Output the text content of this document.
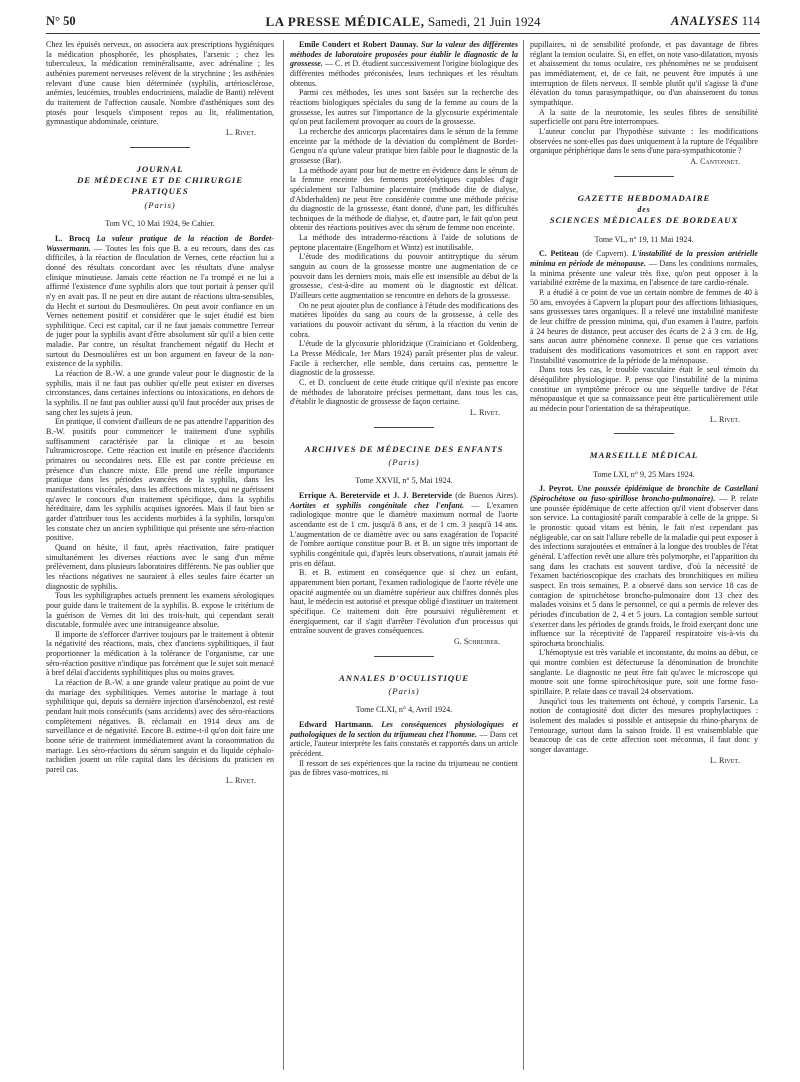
N° 50	LA PRESSE MÉDICALE, Samedi, 21 Juin 1924	ANALYSES 114

Chez les épuisés nerveux, on associera aux prescriptions hygiéniques la médication phosphorée, les phosphates, l'arsenic ; chez les tuberculeux, la médication reminéralisante, avec adrénaline ; les asthénies purement nerveuses relèvent de la strychnine ; les asthénies relevant d'une cause bien déterminée (syphilis, artériosclérose, anémies, leucémies, troubles endocriniens, maladie de Banti) relèvent du traitement de l'affection causale. Nombre d'asthéniques sont des ptosés pour lesquels s'imposent repos au lit, réalimentation, gymnastique abdominale, ceinture.

L. Rivet.
JOURNAL
DE MÉDECINE ET DE CHIRURGIE
PRATIQUES
(Paris)
Tom VC, 10 Mai 1924, 9e Cahier.

L. Brocq La valeur pratique de la réaction de Bordet-Wassermann. — Toutes les fois que B. a eu recours, dans des cas difficiles, à la réaction de floculation de Vernes, cette réaction lui a donné des résultats concordant avec les résultats d'une analyse clinique minutieuse. Jamais cette réaction ne l'a trompé et ne lui a affirmé l'existence d'une syphilis alors que tout portait à penser qu'il n'y en avait pas. Il ne peut en dire autant de réactions ultra-sensibles, du Hecht et surtout du Desmoulières. On peut avoir confiance en un Vernes nettement positif et considérer que le sujet étudié est bien syphilitique. Ceci est capital, car il ne faut jamais commettre l'erreur de juger pour la syphilis avant d'être absolument sûr qu'il a bien cette maladie. Par contre, un résultat franchement négatif du Hecht et surtout du Desmoulières est un bon argument en faveur de la non-existence de la syphilis.

La réaction de B.-W. a une grande valeur pour le diagnostic de la syphilis, mais il ne faut pas oublier qu'elle peut exister en diverses circonstances, dans certaines infections ou intoxications, en dehors de la syphilis. Il ne faut pas oublier aussi qu'il faut procéder aux prises de sang chez les sujets à jeun.

En pratique, il convient d'ailleurs de ne pas attendre l'apparition des B.-W. positifs pour commencer le traitement d'une syphilis suffisamment caractérisée par la clinique et au besoin l'ultramicroscope. Cette réaction est inutile en présence d'accidents primaires ou secondaires nets. Elle est par contre précieuse en présence d'un chancre mixte. Elle prend une réelle importance pratique dans les périodes avancées de la syphilis, dans les manifestations viscérales, dans les affections mixtes, qui ne guérissent qu'avec le concours d'un traitement spécifique, dans la syphilis héréditaire, dans les syphilis acquises ignorées. Mais il faut bien se garder d'attribuer tous les accidents morbides à la syphilis, lorsqu'on les constate chez un ancien syphilitique qui présente une séro-réaction positive.

Quand on hésite, il faut, après réactivation, faire pratiquer simultanément les diverses réactions avec le sang d'un même prélèvement, dans plusieurs laboratoires différents. Ne pas oublier que les réactions négatives ne sauraient à elles seules faire écarter un diagnostic de syphilis.

Tous les syphiligraphes actuels prennent les examens sérologiques pour guide dans le traitement de la syphilis. B. expose le critérium de la guérison de Vernes dit loi des trois-huit, qui cependant serait discutable, formulée avec une intransigeance absolue.

Il importe de s'efforcer d'arriver toujours par le traitement à obtenir la négativité des réactions, mais, chez d'anciens syphilitiques, il faut proportionner la médication à la tolérance de l'organisme, car une séro-réaction positive n'indique pas forcément que le sujet soit menacé à bref délai d'accidents syphilitiques plus ou moins graves.

La réaction de B.-W. a une grande valeur pratique au point de vue du mariage des syphilitiques. Vernes autorise le mariage à tout syphilitique qui, depuis sa dernière injection d'arsénobenzol, est resté pendant huit mois consécutifs (sans accidents) avec des séro-réactions complètement négatives. B. réclamait en 1914 deux ans de surveillance et de négativité. Encore B. estime-t-il qu'on doit faire une bonne série de traitement immédiatement avant la consommation du mariage. Les séro-réactions du sérum sanguin et du liquide céphalo-rachidien jouent un rôle capital dans les décisions du praticien en pareil cas.

L. Rivet.

Emile Coudert et Robert Daunay. Sur la valeur des différentes méthodes de laboratoire proposées pour établir le diagnostic de la grossesse. — C. et D. étudient successivement l'origine biologique des différentes méthodes préconisées, leurs techniques et les résultats obtenus.

Parmi ces méthodes, les unes sont basées sur la recherche des réactions biologiques spéciales du sang de la femme au cours de la grossesse, les autres sur l'importance de la glycosurie expérimentale qu'on peut facilement provoquer au cours de la grossesse.

La recherche des anticorps placentaires dans le sérum de la femme enceinte par la méthode de la déviation du complément de Bordet-Gengou n'a qu'une valeur pratique bien faible pour le diagnostic de la grossesse (Bar).

La méthode ayant pour but de mettre en évidence dans le sérum de la femme enceinte des ferments protéolytiques capables d'agir spécialement sur l'albumine placentaire (méthode dite de dialyse, d'Abderhalden) ne peut être considérée comme une méthode précise du diagnostic de la grossesse, étant donné, d'une part, les difficultés techniques de la méthode de dialyse, et, d'autre part, le fait qu'on peut obtenir des réactions positives avec du sérum de femme non enceinte.

La méthode des intradermo-réactions à l'aide de solutions de peptone placentaire (Engelhorn et Wintz) est inutilisable.

L'étude des modifications du pouvoir antitryptique du sérum sanguin au cours de la grossesse montre une augmentation de ce pouvoir dans les derniers mois, mais elle est insensible au début de la grossesse, c'est-à-dire au moment où le diagnostic est délicat. D'ailleurs cette augmentation se rencontre en dehors de la grossesse.

On ne peut ajouter plus de confiance à l'étude des modifications des matières lipoïdes du sang au cours de la grossesse, à celle des variations du pouvoir activant du sérum, à la réaction du venin de cobra.

L'étude de la glycosurie phloridzique (Crainiciano et Goldenberg, La Presse Médicale, 1er Mars 1924) paraît présenter plus de valeur. Facile à rechercher, elle semble, dans certains cas, permettre le diagnostic de la grossesse.

C. et D. concluent de cette étude critique qu'il n'existe pas encore de méthodes de laboratoire précises permettant, dans tous les cas, d'établir le diagnostic de grossesse de façon certaine.

L. Rivet.
ARCHIVES DE MÉDECINE DES ENFANTS
(Paris)
Tome XXVII, n° 5, Mai 1924.

Errique A. Beretervide et J. J. Beretervide (de Buenos Aires). Aortites et syphilis congénitale chez l'enfant. — L'examen radiologique montre que le diamètre maximum normal de l'aorte ascendante est de 1 cm. jusqu'à 8 ans, et de 1 cm. 3 jusqu'à 14 ans. L'augmentation de ce diamètre avec ou sans exagération de l'opacité de l'ombre aortique constitue pour B. et B. un signe très important de syphilis congénitale qui, d'après leurs observations, n'aurait jamais été pris en défaut.

B. et B. estiment en conséquence que si chez un enfant, apparemment bien portant, l'examen radiologique de l'aorte révèle une opacité augmentée ou un diamètre supérieur aux chiffres donnés plus haut, le médecin est autorisé et presque obligé d'instituer un traitement spécifique. Ce traitement doit être poursuivi régulièrement et énergiquement, car il s'agit d'arrêter l'évolution d'un processus qui entraîne souvent de graves conséquences.

G. Schreiber.
ANNALES D'OCULISTIQUE
(Paris)
Tome CLXI, n° 4, Avril 1924.

Edward Hartmann. Les conséquences physiologiques et pathologiques de la section du trijumeau chez l'homme. — Dans cet article, l'auteur interprète les faits constatés et rapportés dans un article précédent.

Il ressort de ses expériences que la racine du trijumeau ne contient pas de fibres vaso-motrices, ni

pupillaires, ni de sensibilité profonde, et pas davantage de fibres réglant la tension oculaire. Si, en effet, on note vaso-dilatation, myosis et abaissement du tonus oculaire, ces phénomènes ne se produisent pas immédiatement, et, de ce fait, ne peuvent être imputés à une interruption de filets nerveux. Il semble plutôt qu'il s'agisse là d'une élévation du tonus parasympathique, ou d'un abaissement du tonus sympathique.

A la suite de la neurotomie, les seules fibres de sensibilité superficielle ont paru être interrompues.

L'auteur conclut par l'hypothèse suivante : les modifications observées ne sont-elles pas dues uniquement à la rupture de l'équilibre organique périphérique dans le sens d'une para-sympathicotonie ?

A. Cantonnet.
GAZETTE HEBDOMADAIRE
des
SCIENCES MÉDICALES DE BORDEAUX
Tome VL, n° 19, 11 Mai 1924.

C. Petiteau (de Capvern). L'instabilité de la pression artérielle minima en période de ménopause. — Dans les conditions normales, la minima présente une valeur très fixe, qu'on peut opposer à la variabilité extrême de la maxima, en l'absence de tare cardio-rénale.

P. a étudié à ce point de vue un certain nombre de femmes de 40 à 50 ans, envoyées à Capvern la plupart pour des affections lithiasiques, sans grossesses tares organiques. Il a relevé une instabilité manifeste de leur chiffre de pression minima, qui, d'un examen à l'autre, parfois à 24 heures de distance, peut accuser des écarts de 2 à 3 cm. de Hg, sans aucun autre phénomène connexe. Il pense que ces variations traduisent des modifications vasomotrices et sont en rapport avec l'instabilité vasomotrice de la période de la ménopause.

Dans tous les cas, le trouble vasculaire était le seul témoin du déséquilibre physiologique. P. pense que l'instabilité de la minima constitue un symptôme précoce ou une séquelle tardive de l'état ménopausique et que sa connaissance peut être particulièrement utile au médecin pour l'orientation de sa thérapeutique.

L. Rivet.
MARSEILLE MÉDICAL
Tome LXI, n° 9, 25 Mars 1924.

J. Peyrot. Une poussée épidémique de bronchite de Castellani (Spirochétose ou fuso-spirillose broncho-pulmonaire). — P. relate une poussée épidémique de cette affection qu'il vient d'observer dans son service. La contagiosité paraît comparable à celle de la grippe. Si le pronostic quoad vitam est bénin, le fait n'est cependant pas négligeable, car on sait l'allure rebelle de la maladie qui peut exposer à des infections surajoutées et entraîner à la longue des troubles de l'état général. L'affection revêt une allure très polymorphe, et l'apparition du sang dans les crachats est souvent tardive, d'où la nécessité de l'examen bactérioscopique des crachats des bronchitiques en milieu suspect. En trois semaines, P. a observé dans son service 18 cas de contagion de spirochétose broncho-pulmonaire dont 13 chez des malades voisins et 5 dans le personnel, ce qui a permis de relever des périodes d'incubation de 2, 4 et 5 jours. La contagion semble surtout s'exercer dans les périodes de grands froids, le froid exerçant donc une influence sur la réceptivité de l'appareil respiratoire vis-à-vis du spirochæta bronchialis.

L'hémoptysie est très variable et inconstante, du moins au début, ce qui montre combien est défectueuse la dénomination de bronchite sanglante. Le diagnostic ne peut être fait qu'avec le microscope qui montre soit une forme spirochétosique pure, soit une forme fuso-spirillaire. P. relate dans ce travail 24 observations.

Jusqu'ici tous les traitements ont échoué, y compris l'arsenic. La notion de contagiosité doit dicter des mesures prophylactiques : isolement des malades si possible et antisepsie du rhino-pharynx de l'entourage, surtout dans la saison froide. Il est vraisemblable que beaucoup de cas de cette affection sont méconnus, il faut donc y songer davantage.

L. Rivet.
